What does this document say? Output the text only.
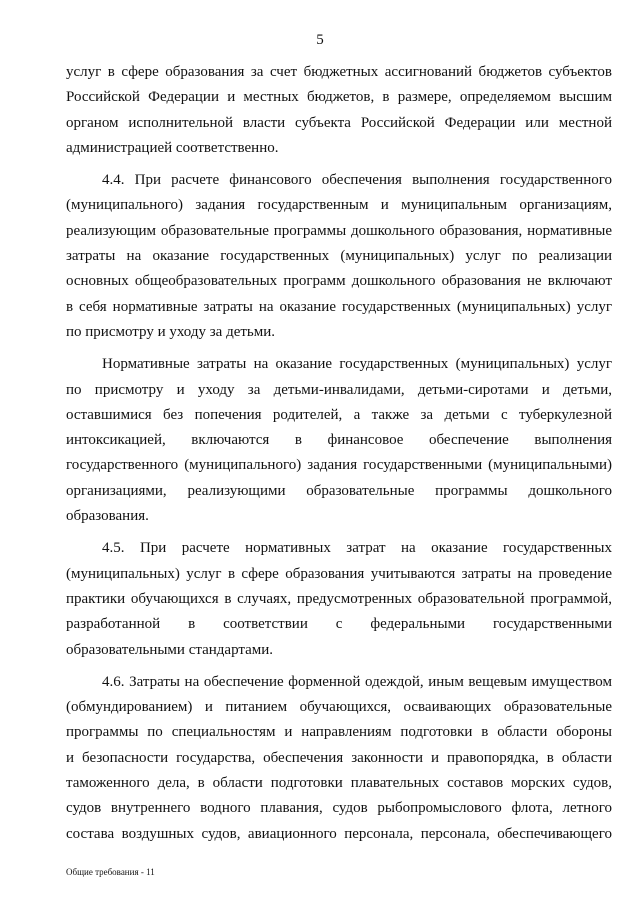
5
услуг в сфере образования за счет бюджетных ассигнований бюджетов субъектов
Российской Федерации и местных бюджетов, в размере, определяемом высшим
органом исполнительной власти субъекта Российской Федерации или местной
администрацией соответственно.
4.4. При расчете финансового обеспечения выполнения государственного
(муниципального) задания государственным и муниципальным организациям,
реализующим образовательные программы дошкольного образования, нормативные
затраты на оказание государственных (муниципальных) услуг по реализации
основных общеобразовательных программ дошкольного образования не включают
в себя нормативные затраты на оказание государственных (муниципальных) услуг
по присмотру и уходу за детьми.
Нормативные затраты на оказание государственных (муниципальных) услуг
по присмотру и уходу за детьми-инвалидами, детьми-сиротами и детьми,
оставшимися без попечения родителей, а также за детьми с туберкулезной
интоксикацией, включаются в финансовое обеспечение выполнения
государственного (муниципального) задания государственными (муниципальными)
организациями, реализующими образовательные программы дошкольного
образования.
4.5. При расчете нормативных затрат на оказание государственных
(муниципальных) услуг в сфере образования учитываются затраты на проведение
практики обучающихся в случаях, предусмотренных образовательной программой,
разработанной в соответствии с федеральными государственными
образовательными стандартами.
4.6. Затраты на обеспечение форменной одеждой, иным вещевым имуществом
(обмундированием) и питанием обучающихся, осваивающих образовательные
программы по специальностям и направлениям подготовки в области обороны
и безопасности государства, обеспечения законности и правопорядка, в области
таможенного дела, в области подготовки плавательных составов морских судов,
судов внутреннего водного плавания, судов рыбопромыслового флота, летного
состава воздушных судов, авиационного персонала, персонала, обеспечивающего
Общие требования - 11
